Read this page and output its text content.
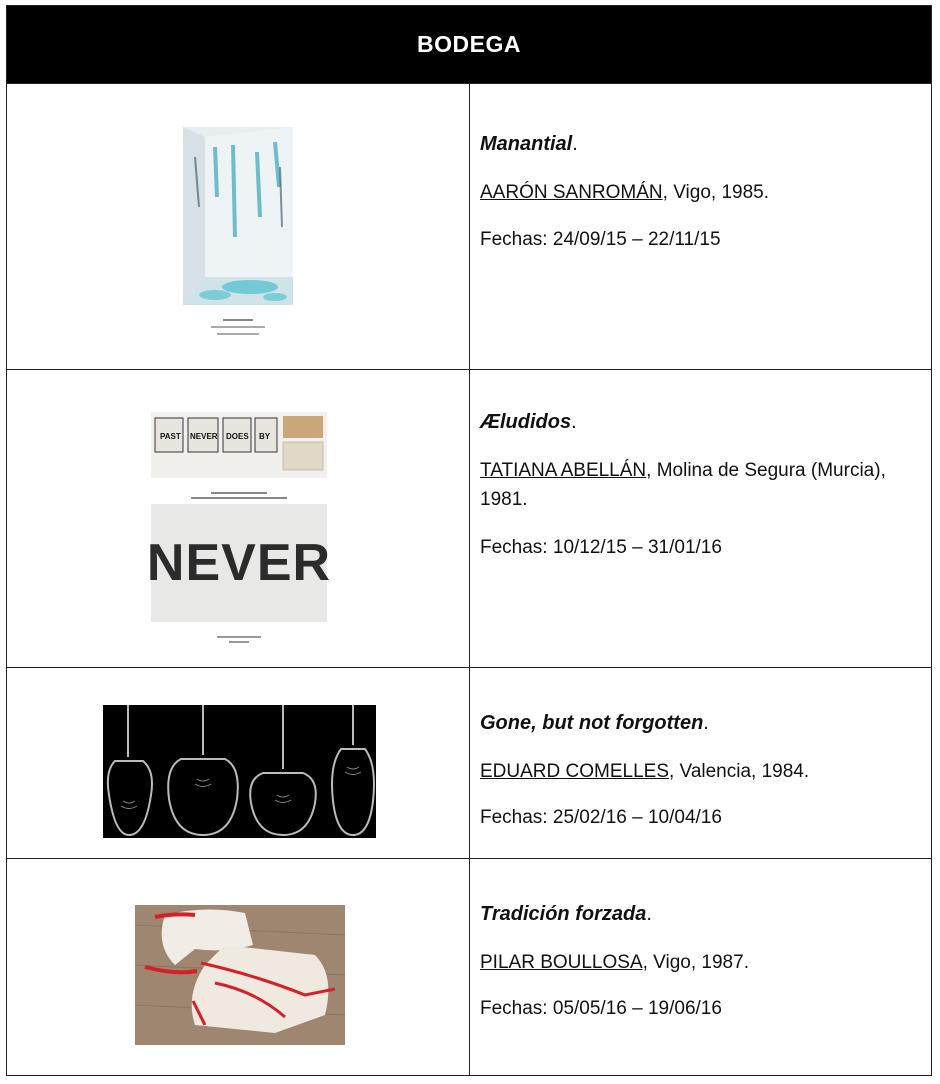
BODEGA
Manantial.
AARÓN SANROMÁN, Vigo, 1985.
Fechas: 24/09/15 – 22/11/15
PAST NEVER DOES BY
NEVER
Æludidos.
TATIANA ABELLÁN, Molina de Segura (Murcia), 1981.
Fechas: 10/12/15 – 31/01/16
Gone, but not forgotten.
EDUARD COMELLES, Valencia, 1984.
Fechas: 25/02/16 – 10/04/16
Tradición forzada.
PILAR BOULLOSA, Vigo, 1987.
Fechas: 05/05/16 – 19/06/16
